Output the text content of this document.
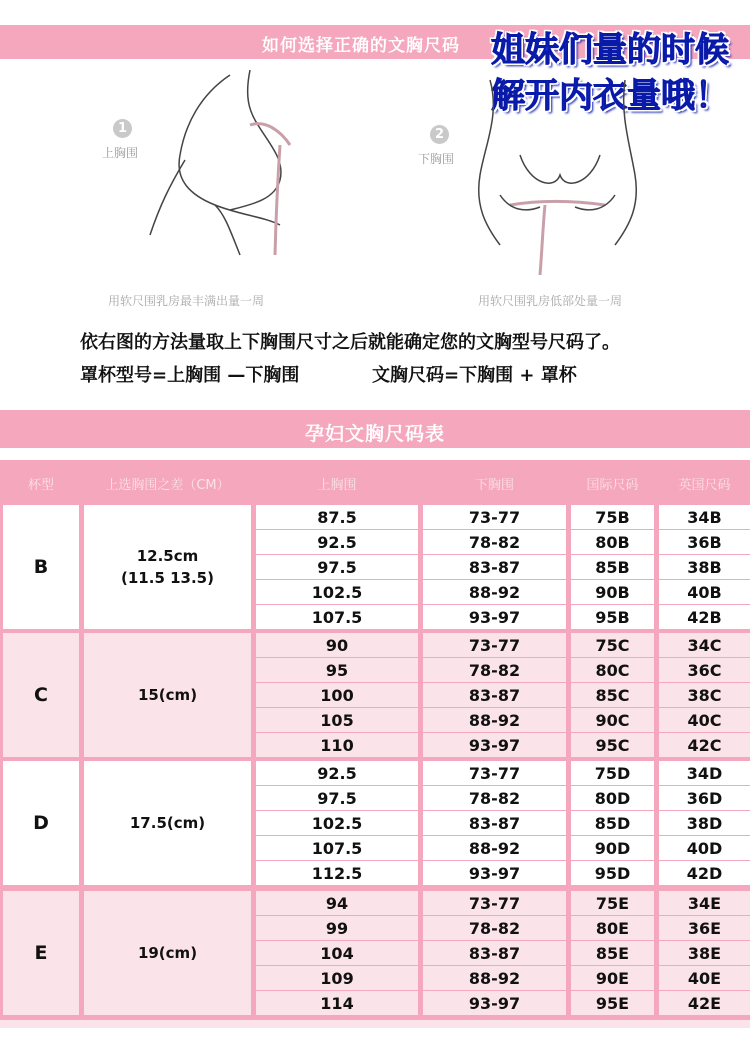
如何选择正确的文胸尺码 姐妹们量的时候
解开内衣量哦！
1
上胸围
用软尺围乳房最丰满出量一周
2
下胸围
用软尺围乳房低部处量一周
依右图的方法量取上下胸围尺寸之后就能确定您的文胸型号尺码了。
罩杯型号=上胸围 —下胸围	文胸尺码=下胸围 + 罩杯
孕妇文胸尺码表
杯型	上选胸围之差（CM）	上胸围	下胸围	国际尺码	英国尺码
B	12.5cm
(11.5 13.5)
87.5	73-77	75B	34B
92.5	78-82	80B	36B
97.5	83-87	85B	38B
102.5	88-92	90B	40B
107.5	93-97	95B	42B
C	15(cm)
90	73-77	75C	34C
95	78-82	80C	36C
100	83-87	85C	38C
105	88-92	90C	40C
110	93-97	95C	42C
D	17.5(cm)
92.5	73-77	75D	34D
97.5	78-82	80D	36D
102.5	83-87	85D	38D
107.5	88-92	90D	40D
112.5	93-97	95D	42D
E	19(cm)
94	73-77	75E	34E
99	78-82	80E	36E
104	83-87	85E	38E
109	88-92	90E	40E
114	93-97	95E	42E
